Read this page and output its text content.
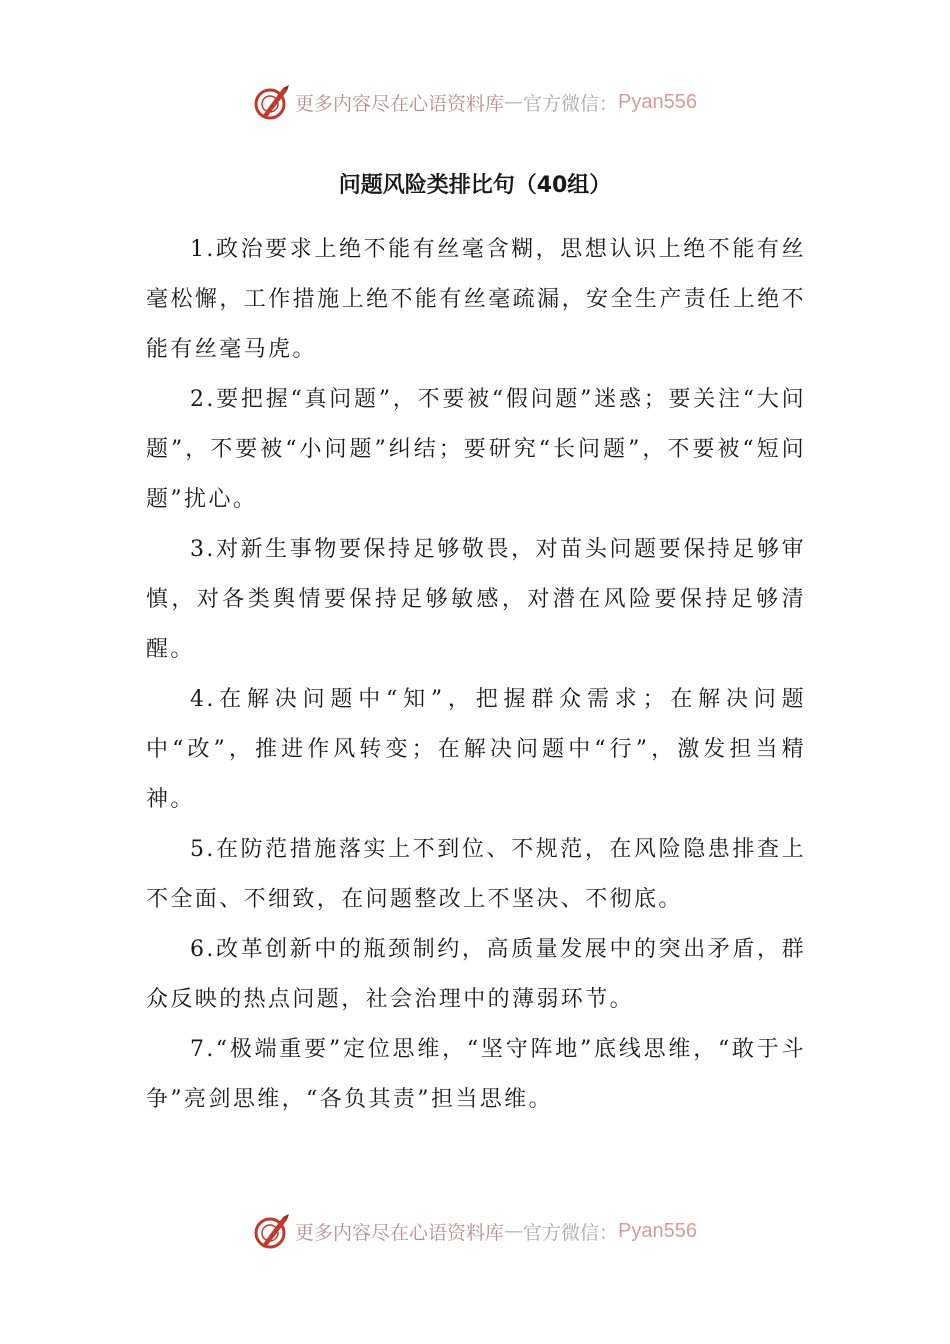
更多内容尽在心语资料库 — 官方微信： Pyan556
问题风险类排比句（40组）

1.政治要求上绝不能有丝毫含糊，思想认识上绝不能有丝毫松懈，工作措施上绝不能有丝毫疏漏，安全生产责任上绝不能有丝毫马虎。

2.要把握“真问题”，不要被“假问题”迷惑；要关注“大问题”，不要被“小问题”纠结；要研究“长问题”，不要被“短问题”扰心。

3.对新生事物要保持足够敬畏，对苗头问题要保持足够审慎，对各类舆情要保持足够敏感，对潜在风险要保持足够清醒。

4.在解决问题中“知”，把握群众需求；在解决问题中“改”，推进作风转变；在解决问题中“行”，激发担当精神。

5.在防范措施落实上不到位、不规范，在风险隐患排查上不全面、不细致，在问题整改上不坚决、不彻底。

6.改革创新中的瓶颈制约，高质量发展中的突出矛盾，群众反映的热点问题，社会治理中的薄弱环节。

7.“极端重要”定位思维，“坚守阵地”底线思维，“敢于斗争”亮剑思维，“各负其责”担当思维。

更多内容尽在心语资料库 — 官方微信： Pyan556
